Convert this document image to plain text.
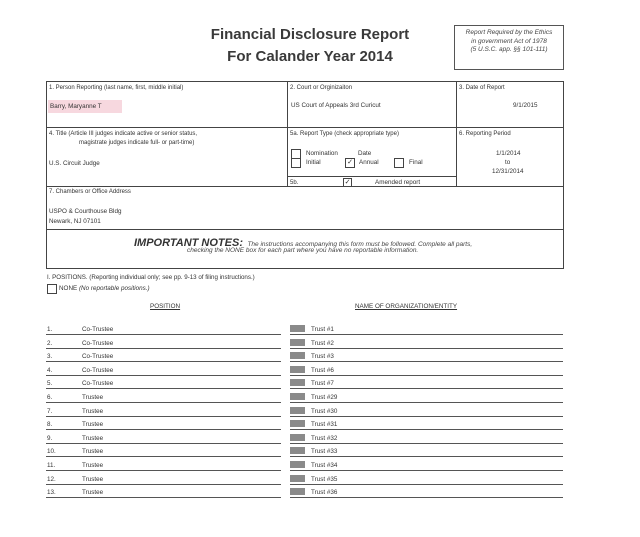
Financial Disclosure Report
For Calander Year 2014
Report Required by the Ethics
in government Act of 1978
(5 U.S.C. app. §§ 101-111)
1. Person Reporting (last name, first, middle initial)
Barry, Maryanne T
2. Court or Orginizaiton
US Court of Appeals 3rd Curicut
3. Date of Report
9/1/2015
4. Title (Article III judges indicate active or senior status,
magistrate judges indicate full- or part-time)
U.S. Circuit Judge
5a. Report Type (check appropriate type)
Nomination	Date
Initial	✓ Annual	Final
5b.	✓	Amended report
6. Reporting Period
1/1/2014
to
12/31/2014
7. Chambers or Office Address
USPO & Courthouse Bldg
Newark, NJ 07101
IMPORTANT NOTES: The instructions accompanying this form must be followed. Complete all parts,
checking the NONE box for each part where you have no reportable information.
I. POSITIONS. (Reporting individual only; see pp. 9-13 of filing instructions.)
NONE (No reportable positions.)
POSITION	NAME OF ORGANIZATION/ENTITY
1.	Co-Trustee	Trust #1
2.	Co-Trustee	Trust #2
3.	Co-Trustee	Trust #3
4.	Co-Trustee	Trust #6
5.	Co-Trustee	Trust #7
6.	Trustee	Trust #29
7.	Trustee	Trust #30
8.	Trustee	Trust #31
9.	Trustee	Trust #32
10.	Trustee	Trust #33
11.	Trustee	Trust #34
12.	Trustee	Trust #35
13.	Trustee	Trust #36
